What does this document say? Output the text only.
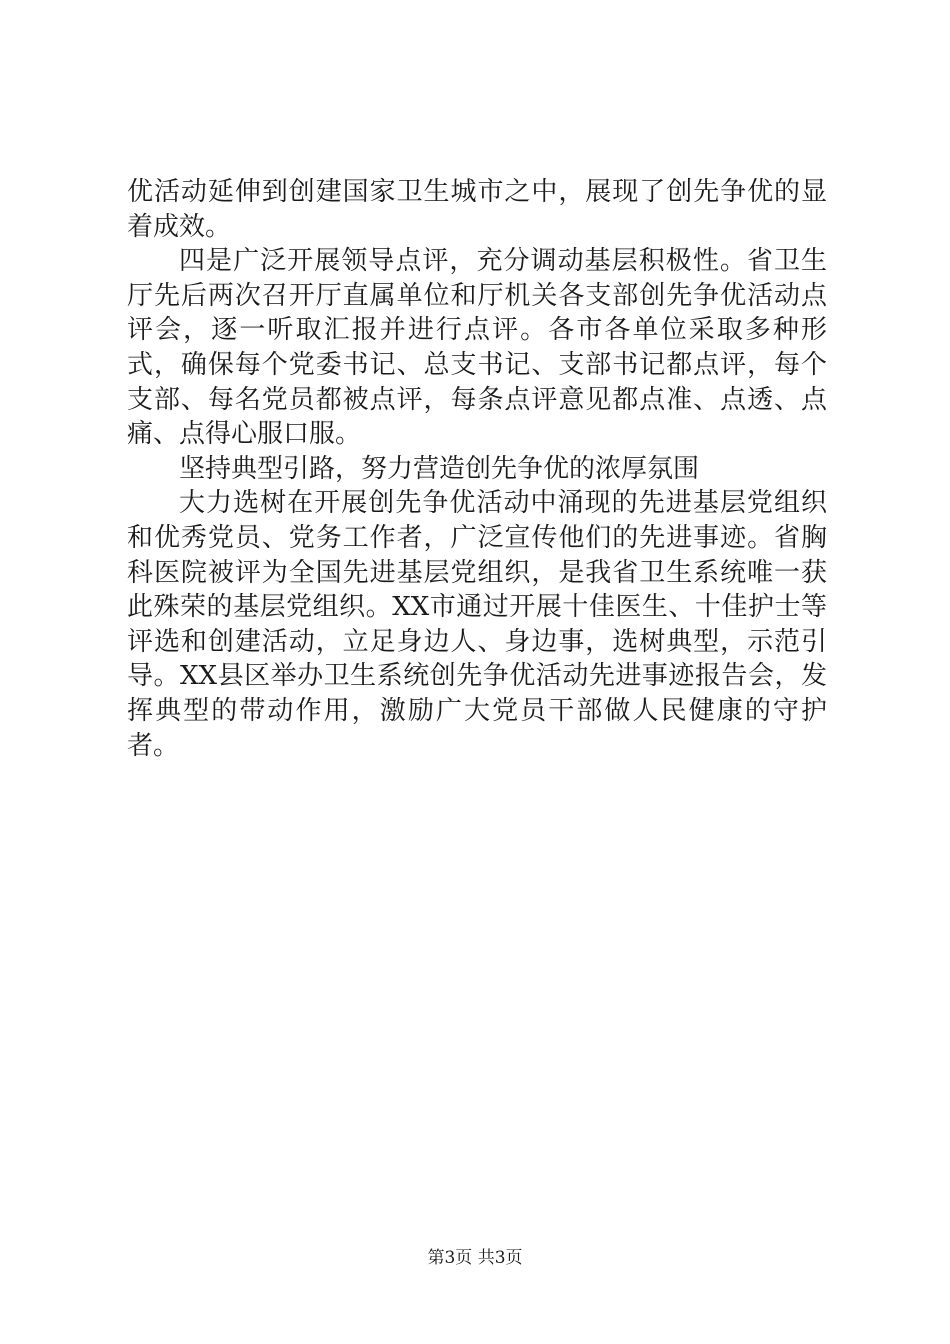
优活动延伸到创建国家卫生城市之中，展现了创先争优的显着成效。

四是广泛开展领导点评，充分调动基层积极性。省卫生厅先后两次召开厅直属单位和厅机关各支部创先争优活动点评会，逐一听取汇报并进行点评。各市各单位采取多种形式，确保每个党委书记、总支书记、支部书记都点评，每个支部、每名党员都被点评，每条点评意见都点准、点透、点痛、点得心服口服。

坚持典型引路，努力营造创先争优的浓厚氛围

大力选树在开展创先争优活动中涌现的先进基层党组织和优秀党员、党务工作者，广泛宣传他们的先进事迹。省胸科医院被评为全国先进基层党组织，是我省卫生系统唯一获此殊荣的基层党组织。XX市通过开展十佳医生、十佳护士等评选和创建活动，立足身边人、身边事，选树典型，示范引导。XX县区举办卫生系统创先争优活动先进事迹报告会，发挥典型的带动作用，激励广大党员干部做人民健康的守护者。

第3页 共3页
